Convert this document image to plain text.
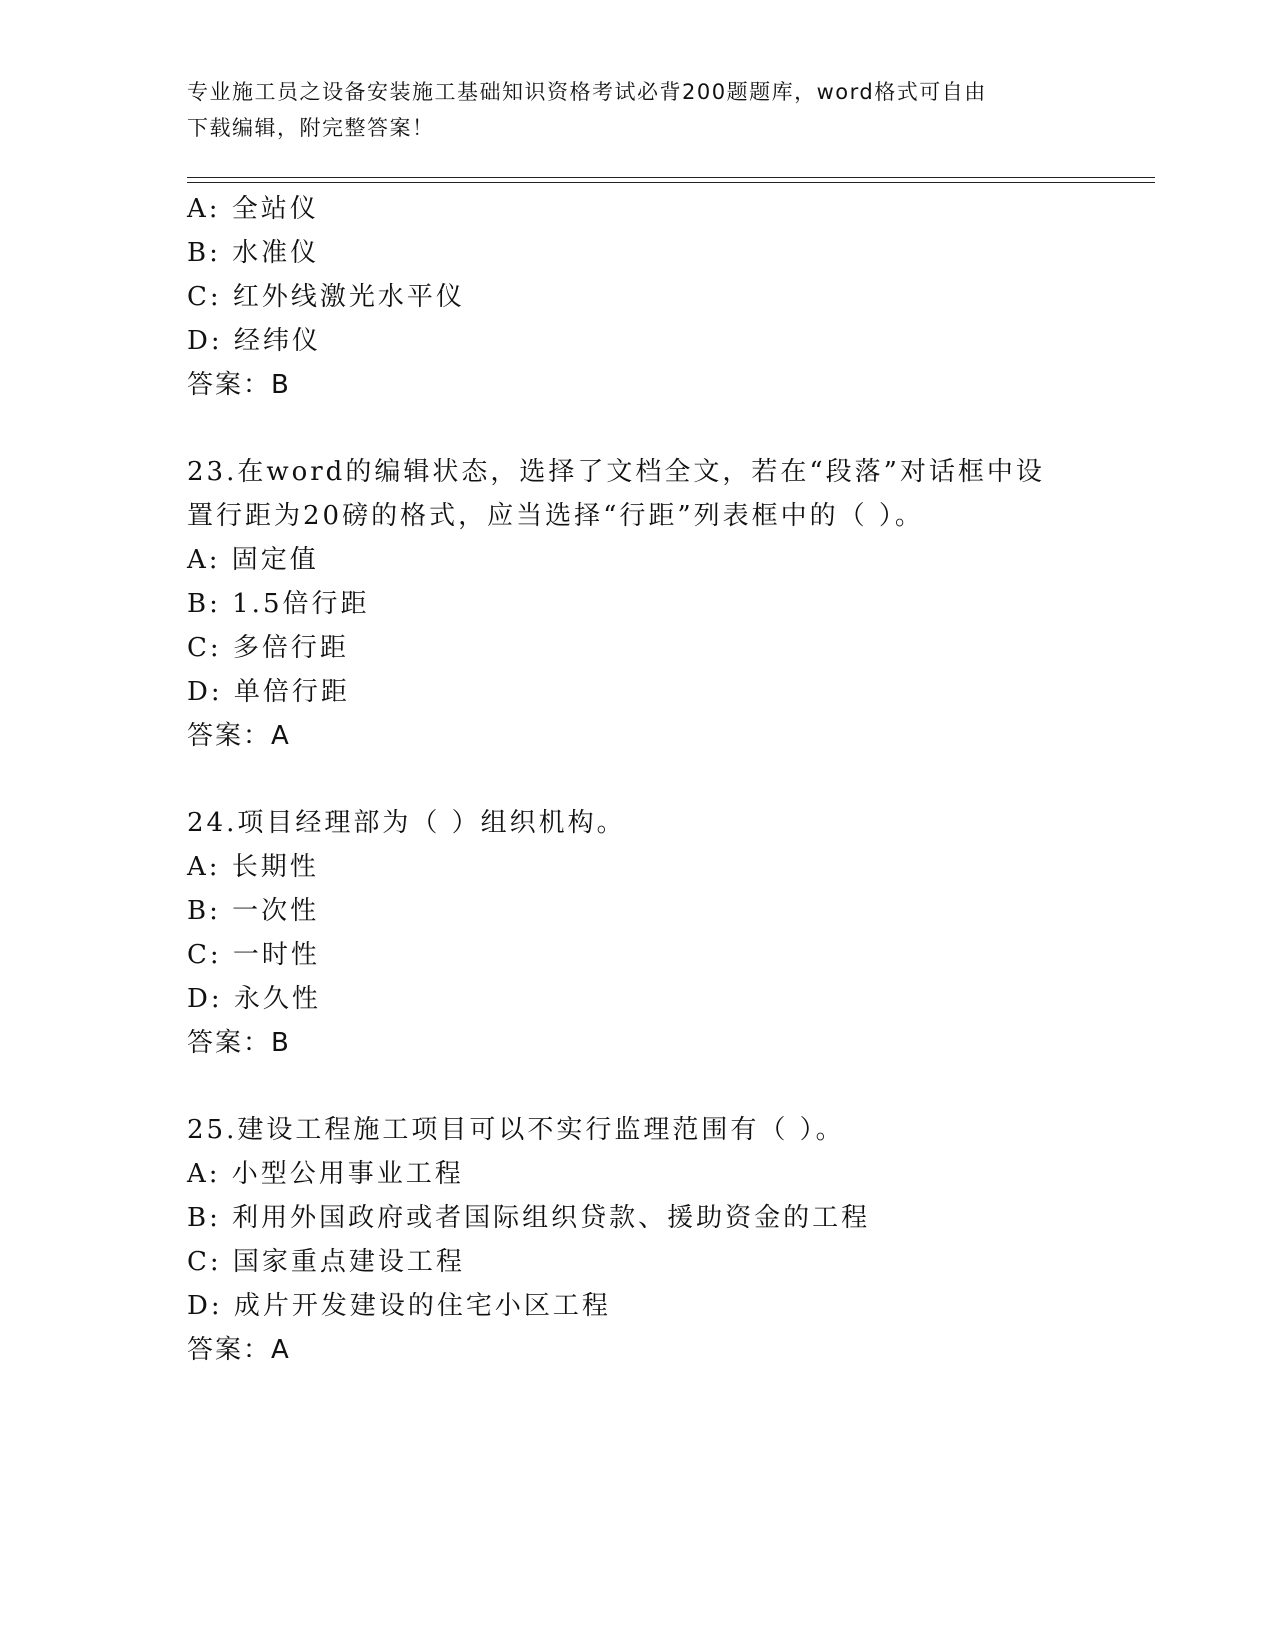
专业施工员之设备安装施工基础知识资格考试必背200题题库，word格式可自由
下载编辑，附完整答案！
A: 全站仪
B: 水准仪
C: 红外线激光水平仪
D: 经纬仪
答案：B
23.在word的编辑状态，选择了文档全文，若在“段落”对话框中设
置行距为20磅的格式，应当选择“行距”列表框中的（ ）。
A: 固定值
B: 1.5倍行距
C: 多倍行距
D: 单倍行距
答案：A
24.项目经理部为（ ）组织机构。
A: 长期性
B: 一次性
C: 一时性
D: 永久性
答案：B
25.建设工程施工项目可以不实行监理范围有（ ）。
A: 小型公用事业工程
B: 利用外国政府或者国际组织贷款、援助资金的工程
C: 国家重点建设工程
D: 成片开发建设的住宅小区工程
答案：A
